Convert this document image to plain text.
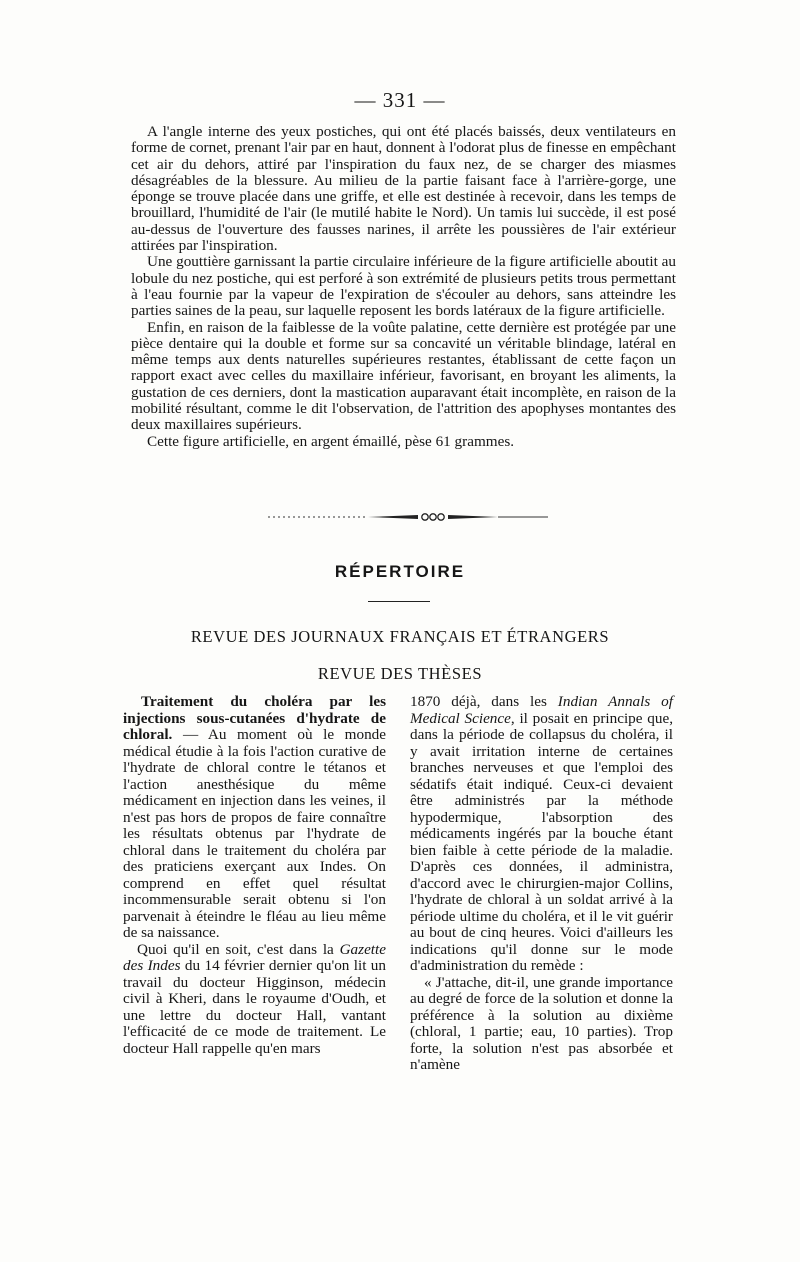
— 331 —

A l'angle interne des yeux postiches, qui ont été placés baissés, deux ventilateurs en forme de cornet, prenant l'air par en haut, donnent à l'odorat plus de finesse en empêchant cet air du dehors, attiré par l'inspiration du faux nez, de se charger des miasmes désagréables de la blessure. Au milieu de la partie faisant face à l'arrière-gorge, une éponge se trouve placée dans une griffe, et elle est destinée à recevoir, dans les temps de brouillard, l'humidité de l'air (le mutilé habite le Nord). Un tamis lui succède, il est posé au-dessus de l'ouverture des fausses narines, il arrête les poussières de l'air extérieur attirées par l'inspiration.

Une gouttière garnissant la partie circulaire inférieure de la figure artificielle aboutit au lobule du nez postiche, qui est perforé à son extrémité de plusieurs petits trous permettant à l'eau fournie par la vapeur de l'expiration de s'écouler au dehors, sans atteindre les parties saines de la peau, sur laquelle reposent les bords latéraux de la figure artificielle.

Enfin, en raison de la faiblesse de la voûte palatine, cette dernière est protégée par une pièce dentaire qui la double et forme sur sa concavité un véritable blindage, latéral en même temps aux dents naturelles supérieures restantes, établissant de cette façon un rapport exact avec celles du maxillaire inférieur, favorisant, en broyant les aliments, la gustation de ces derniers, dont la mastication auparavant était incomplète, en raison de la mobilité résultant, comme le dit l'observation, de l'attrition des apophyses montantes des deux maxillaires supérieurs.

Cette figure artificielle, en argent émaillé, pèse 61 grammes.

RÉPERTOIRE
REVUE DES JOURNAUX FRANÇAIS ET ÉTRANGERS
REVUE DES THÈSES

Traitement du choléra par les injections sous-cutanées d'hydrate de chloral. — Au moment où le monde médical étudie à la fois l'action curative de l'hydrate de chloral contre le tétanos et l'action anesthésique du même médicament en injection dans les veines, il n'est pas hors de propos de faire connaître les résultats obtenus par l'hydrate de chloral dans le traitement du choléra par des praticiens exerçant aux Indes. On comprend en effet quel résultat incommensurable serait obtenu si l'on parvenait à éteindre le fléau au lieu même de sa naissance.

Quoi qu'il en soit, c'est dans la Gazette des Indes du 14 février dernier qu'on lit un travail du docteur Higginson, médecin civil à Kheri, dans le royaume d'Oudh, et une lettre du docteur Hall, vantant l'efficacité de ce mode de traitement. Le docteur Hall rappelle qu'en mars

1870 déjà, dans les Indian Annals of Medical Science, il posait en principe que, dans la période de collapsus du choléra, il y avait irritation interne de certaines branches nerveuses et que l'emploi des sédatifs était indiqué. Ceux-ci devaient être administrés par la méthode hypodermique, l'absorption des médicaments ingérés par la bouche étant bien faible à cette période de la maladie. D'après ces données, il administra, d'accord avec le chirurgien-major Collins, l'hydrate de chloral à un soldat arrivé à la période ultime du choléra, et il le vit guérir au bout de cinq heures. Voici d'ailleurs les indications qu'il donne sur le mode d'administration du remède :

« J'attache, dit-il, une grande importance au degré de force de la solution et donne la préférence à la solution au dixième (chloral, 1 partie; eau, 10 parties). Trop forte, la solution n'est pas absorbée et n'amène
